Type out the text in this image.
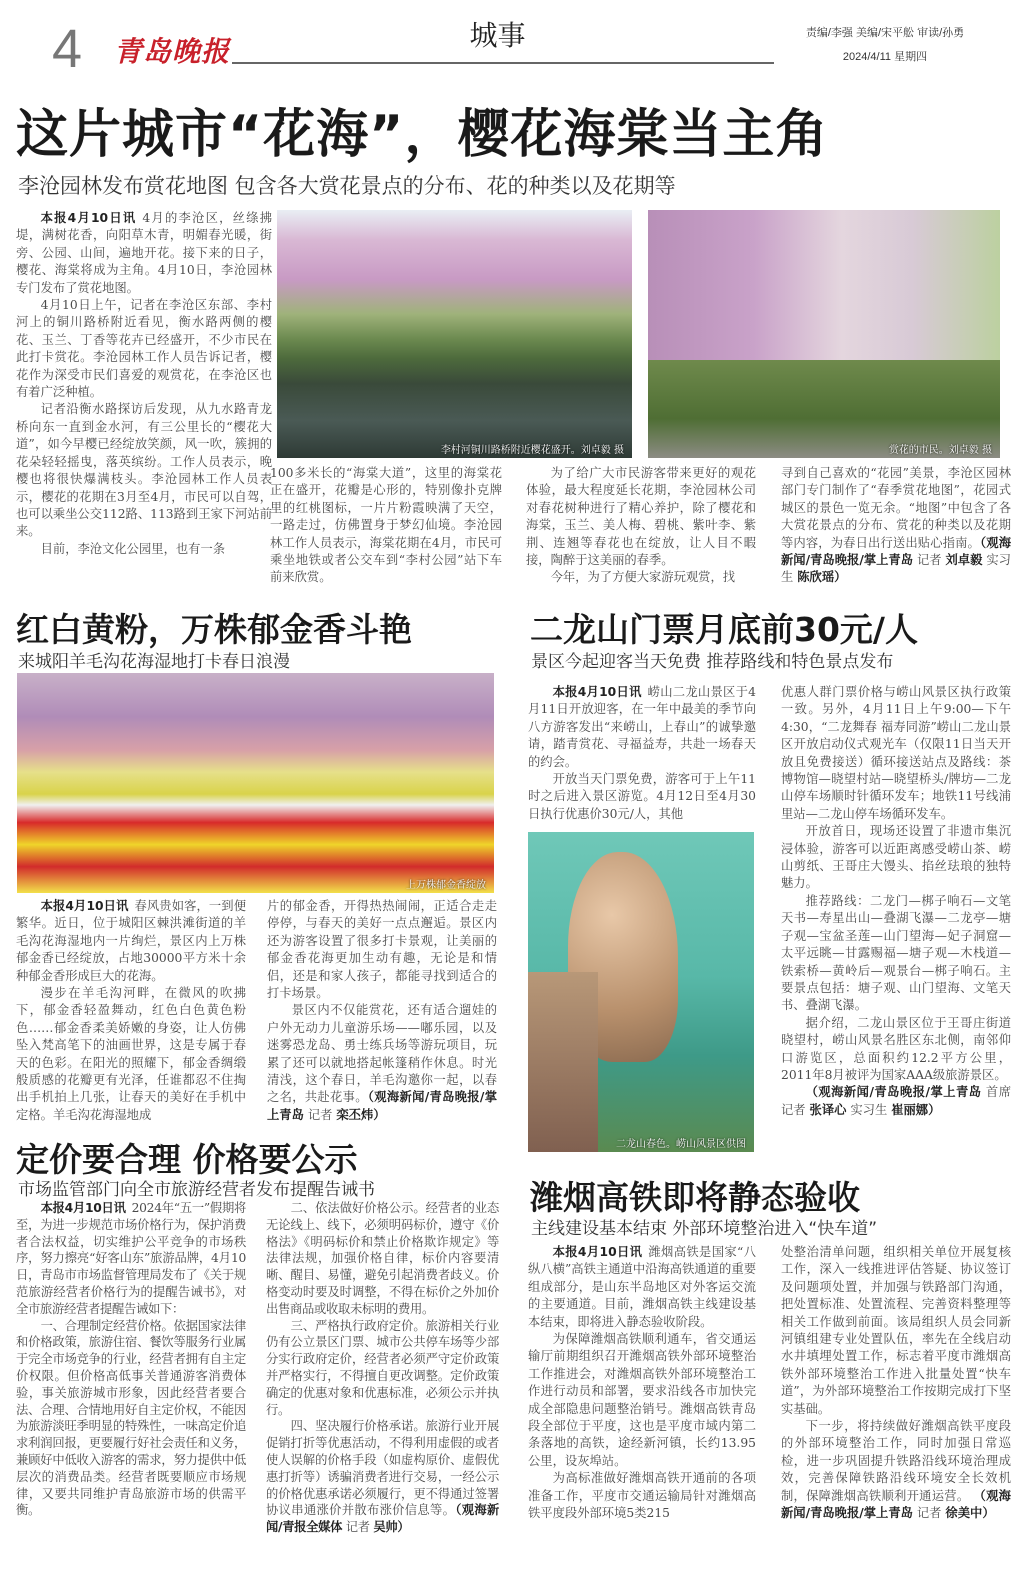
4 青岛晚报	城事	责编/李强 美编/宋平舩 审读/孙勇
2024/4/11 星期四
这片城市“花海”，樱花海棠当主角
李沧园林发布赏花地图 包含各大赏花景点的分布、花的种类以及花期等

本报4月10日讯 4月的李沧区，丝绦拂堤，满树花香，向阳草木青，明媚春光暖，街旁、公园、山间，遍地开花。接下来的日子，樱花、海棠将成为主角。4月10日，李沧园林专门发布了赏花地图。

4月10日上午，记者在李沧区东部、李村河上的铜川路桥附近看见，衡水路两侧的樱花、玉兰、丁香等花卉已经盛开，不少市民在此打卡赏花。李沧园林工作人员告诉记者，樱花作为深受市民们喜爱的观赏花，在李沧区也有着广泛种植。

记者沿衡水路探访后发现，从九水路青龙桥向东一直到金水河，有三公里长的“樱花大道”，如今早樱已经绽放笑颜，风一吹，簇拥的花朵轻轻摇曳，落英缤纷。工作人员表示，晚樱也将很快爆满枝头。李沧园林工作人员表示，樱花的花期在3月至4月，市民可以自驾，也可以乘坐公交112路、113路到王家下河站前来。

目前，李沧文化公园里，也有一条

李村河铜川路桥附近樱花盛开。刘卓毅 摄	赏花的市民。刘卓毅 摄

100多米长的“海棠大道”，这里的海棠花正在盛开，花瓣是心形的，特别像扑克牌里的红桃图标，一片片粉霞映满了天空，一路走过，仿佛置身于梦幻仙境。李沧园林工作人员表示，海棠花期在4月，市民可乘坐地铁或者公交车到“李村公园”站下车前来欣赏。

为了给广大市民游客带来更好的观花体验，最大程度延长花期，李沧园林公司对春花树种进行了精心养护，除了樱花和海棠，玉兰、美人梅、碧桃、紫叶李、紫荆、连翘等春花也在绽放，让人目不暇接，陶醉于这美丽的春季。

今年，为了方便大家游玩观赏，找

寻到自己喜欢的“花园”美景，李沧区园林部门专门制作了“春季赏花地图”，花园式城区的景色一览无余。“地图”中包含了各大赏花景点的分布、赏花的种类以及花期等内容，为春日出行送出贴心指南。（观海新闻/青岛晚报/掌上青岛 记者 刘卓毅 实习生 陈欣瑶）

红白黄粉，万株郁金香斗艳
来城阳羊毛沟花海湿地打卡春日浪漫
上万株郁金香绽放

本报4月10日讯 春风贵如客，一到便繁华。近日，位于城阳区棘洪滩街道的羊毛沟花海湿地内一片绚烂，景区内上万株郁金香已经绽放，占地30000平方米十余种郁金香形成巨大的花海。

漫步在羊毛沟河畔，在微风的吹拂下，郁金香轻盈舞动，红色白色黄色粉色……郁金香柔美娇嫩的身姿，让人仿佛坠入梵高笔下的油画世界，这是专属于春天的色彩。在阳光的照耀下，郁金香绸缎般质感的花瓣更有光泽，任谁都忍不住掏出手机拍上几张，让春天的美好在手机中定格。羊毛沟花海湿地成

片的郁金香，开得热热闹闹，正适合走走停停，与春天的美好一点点邂逅。景区内还为游客设置了很多打卡景观，让美丽的郁金香花海更加生动有趣，无论是和情侣，还是和家人孩子，都能寻找到适合的打卡场景。

景区内不仅能赏花，还有适合遛娃的户外无动力儿童游乐场——嘟乐园，以及迷雾恐龙岛、勇士练兵场等游玩项目，玩累了还可以就地搭起帐篷稍作休息。时光清浅，这个春日，羊毛沟邀你一起，以春之名，共赴花事。（观海新闻/青岛晚报/掌上青岛 记者 栾丕炜）

二龙山门票月底前30元/人
景区今起迎客当天免费 推荐路线和特色景点发布

本报4月10日讯 崂山二龙山景区于4月11日开放迎客，在一年中最美的季节向八方游客发出“来崂山，上春山”的诚挚邀请，踏青赏花、寻福益寿，共赴一场春天的约会。

开放当天门票免费，游客可于上午11时之后进入景区游览。4月12日至4月30日执行优惠价30元/人，其他

二龙山春色。崂山风景区供图

优惠人群门票价格与崂山风景区执行政策一致。另外，4月11日上午9:00—下午4:30，“二龙舞春 福寿同游”崂山二龙山景区开放启动仪式观光车（仅限11日当天开放且免费接送）循环接送站点及路线：茶博物馆—晓望村站—晓望桥头/牌坊—二龙山停车场顺时针循环发车；地铁11号线浦里站—二龙山停车场循环发车。

开放首日，现场还设置了非遗市集沉浸体验，游客可以近距离感受崂山茶、崂山剪纸、王哥庄大馒头、掐丝珐琅的独特魅力。

推荐路线：二龙门—梆子响石—文笔天书—寿星出山—叠湖飞瀑—二龙亭—塘子观—宝盆圣莲—山门望海—妃子洞窟—太平远眺—甘露赐福—塘子观—木栈道—铁索桥—黄岭后—观景台—梆子响石。主要景点包括：塘子观、山门望海、文笔天书、叠湖飞瀑。

据介绍，二龙山景区位于王哥庄街道晓望村，崂山风景名胜区东北侧，南邻仰口游览区，总面积约12.2平方公里，2011年8月被评为国家AAA级旅游景区。

（观海新闻/青岛晚报/掌上青岛 首席记者 张译心 实习生 崔丽娜）

定价要合理 价格要公示
市场监管部门向全市旅游经营者发布提醒告诫书

本报4月10日讯 2024年“五一”假期将至，为进一步规范市场价格行为，保护消费者合法权益，切实维护公平竞争的市场秩序，努力擦亮“好客山东”旅游品牌，4月10日，青岛市市场监督管理局发布了《关于规范旅游经营者价格行为的提醒告诫书》，对全市旅游经营者提醒告诫如下：

一、合理制定经营价格。依据国家法律和价格政策，旅游住宿、餐饮等服务行业属于完全市场竞争的行业，经营者拥有自主定价权限。但价格高低事关普通游客消费体验，事关旅游城市形象，因此经营者要合法、合理、合情地用好自主定价权，不能因为旅游淡旺季明显的特殊性，一味高定价追求利润回报，更要履行好社会责任和义务，兼顾好中低收入游客的需求，努力提供中低层次的消费品类。经营者既要顺应市场规律，又要共同维护青岛旅游市场的供需平衡。

二、依法做好价格公示。经营者的业态无论线上、线下，必须明码标价，遵守《价格法》《明码标价和禁止价格欺诈规定》等法律法规，加强价格自律，标价内容要清晰、醒目、易懂，避免引起消费者歧义。价格变动时要及时调整，不得在标价之外加价出售商品或收取未标明的费用。

三、严格执行政府定价。旅游相关行业仍有公立景区门票、城市公共停车场等少部分实行政府定价，经营者必须严守定价政策并严格实行，不得擅自更改调整。定价政策确定的优惠对象和优惠标准，必须公示并执行。

四、坚决履行价格承诺。旅游行业开展促销打折等优惠活动，不得利用虚假的或者使人误解的价格手段（如虚构原价、虚假优惠打折等）诱骗消费者进行交易，一经公示的价格优惠承诺必须履行，更不得通过签署协议串通涨价并散布涨价信息等。（观海新闻/青报全媒体 记者 吴帅）

潍烟高铁即将静态验收
主线建设基本结束 外部环境整治进入“快车道”

本报4月10日讯 潍烟高铁是国家“八纵八横”高铁主通道中沿海高铁通道的重要组成部分，是山东半岛地区对外客运交流的主要通道。目前，潍烟高铁主线建设基本结束，即将进入静态验收阶段。

为保障潍烟高铁顺利通车，省交通运输厅前期组织召开潍烟高铁外部环境整治工作推进会，对潍烟高铁外部环境整治工作进行动员和部署，要求沿线各市加快完成全部隐患问题整治销号。潍烟高铁青岛段全部位于平度，这也是平度市域内第二条落地的高铁，途经新河镇，长约13.95公里，设灰埠站。

为高标准做好潍烟高铁开通前的各项准备工作，平度市交通运输局针对潍烟高铁平度段外部环境5类215

处整治清单问题，组织相关单位开展复核工作，深入一线推进评估答疑、协议签订及问题项处置，并加强与铁路部门沟通，把处置标准、处置流程、完善资料整理等相关工作做到前面。该局组织人员会同新河镇组建专业处置队伍，率先在全线启动水井填埋处置工作，标志着平度市潍烟高铁外部环境整治工作进入批量处置“快车道”，为外部环境整治工作按期完成打下坚实基础。

下一步，将持续做好潍烟高铁平度段的外部环境整治工作，同时加强日常巡检，进一步巩固提升铁路沿线环境治理成效，完善保障铁路沿线环境安全长效机制，保障潍烟高铁顺利开通运营。 （观海新闻/青岛晚报/掌上青岛 记者 徐美中）
